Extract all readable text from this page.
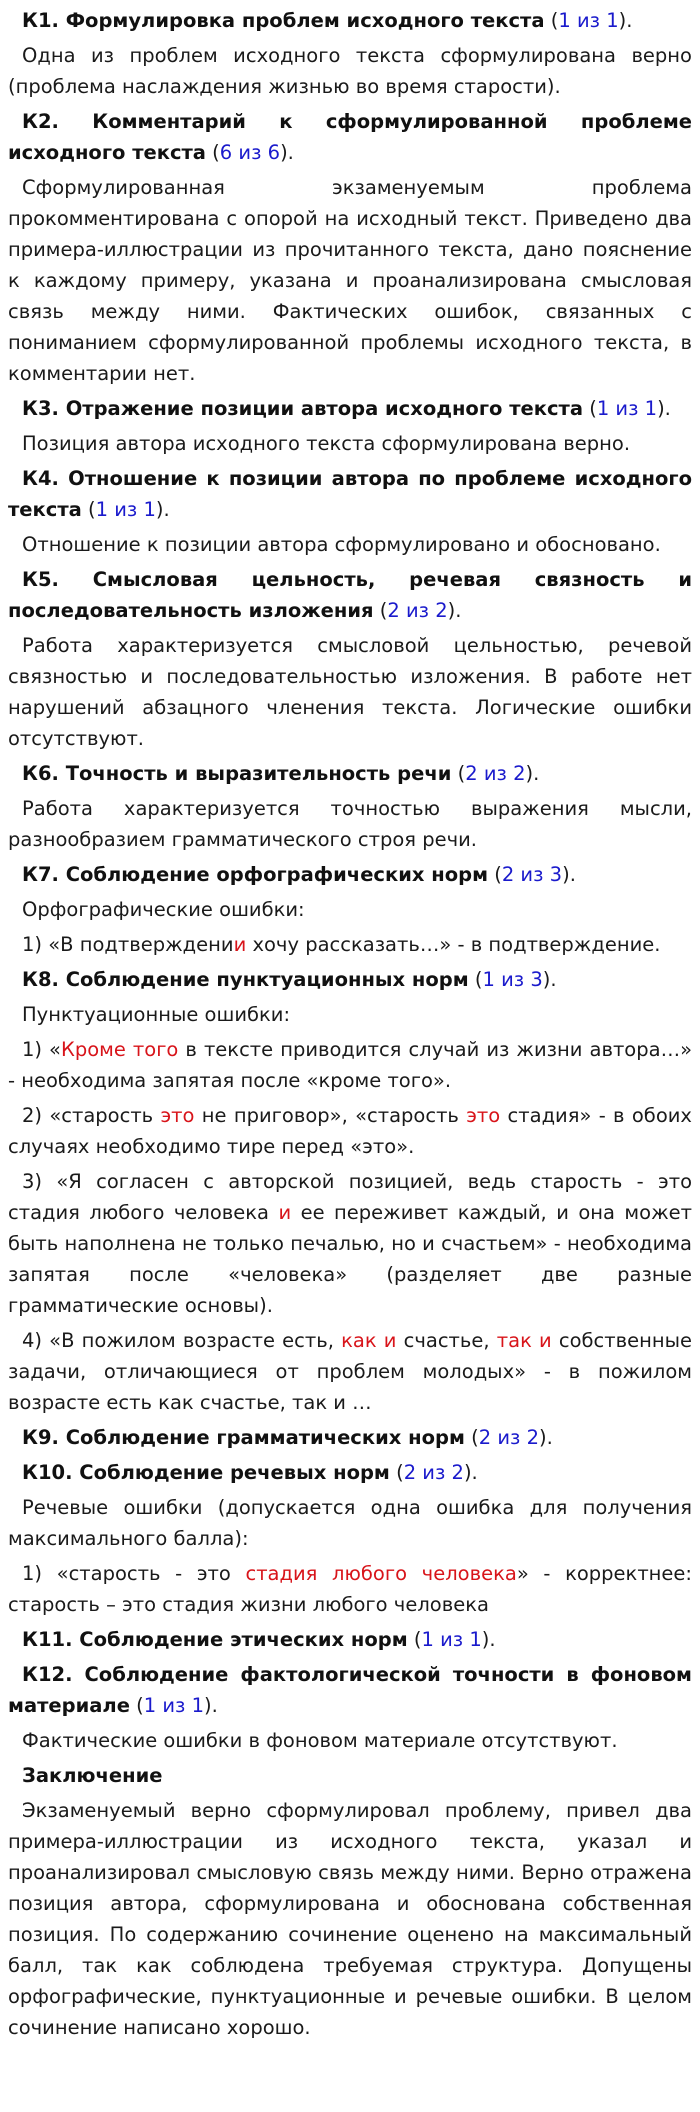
К1. Формулировка проблем исходного текста (1 из 1).
Одна из проблем исходного текста сформулирована верно (проблема наслаждения жизнью во время старости).
К2. Комментарий к сформулированной проблеме исходного текста (6 из 6).
Сформулированная экзаменуемым проблема прокомментирована с опорой на исходный текст. Приведено два примера-иллюстрации из прочитанного текста, дано пояснение к каждому примеру, указана и проанализирована смысловая связь между ними. Фактических ошибок, связанных с пониманием сформулированной проблемы исходного текста, в комментарии нет.
К3. Отражение позиции автора исходного текста (1 из 1).
Позиция автора исходного текста сформулирована верно.
К4. Отношение к позиции автора по проблеме исходного текста (1 из 1).
Отношение к позиции автора сформулировано и обосновано.
К5. Смысловая цельность, речевая связность и последовательность изложения (2 из 2).
Работа характеризуется смысловой цельностью, речевой связностью и последовательностью изложения. В работе нет нарушений абзацного членения текста. Логические ошибки отсутствуют.
К6. Точность и выразительность речи (2 из 2).
Работа характеризуется точностью выражения мысли, разнообразием грамматического строя речи.
К7. Соблюдение орфографических норм (2 из 3).
Орфографические ошибки:
1) «В подтверждении хочу рассказать…» - в подтверждение.
К8. Соблюдение пунктуационных норм (1 из 3).
Пунктуационные ошибки:
1) «Кроме того в тексте приводится случай из жизни автора…» - необходима запятая после «кроме того».
2) «старость это не приговор», «старость это стадия» - в обоих случаях необходимо тире перед «это».
3) «Я согласен с авторской позицией, ведь старость - это стадия любого человека и ее переживет каждый, и она может быть наполнена не только печалью, но и счастьем» - необходима запятая после «человека» (разделяет две разные грамматические основы).
4) «В пожилом возрасте есть, как и счастье, так и собственные задачи, отличающиеся от проблем молодых» - в пожилом возрасте есть как счастье, так и …
К9. Соблюдение грамматических норм (2 из 2).
К10. Соблюдение речевых норм (2 из 2).
Речевые ошибки (допускается одна ошибка для получения максимального балла):
1) «старость - это стадия любого человека» - корректнее: старость – это стадия жизни любого человека
К11. Соблюдение этических норм (1 из 1).
К12. Соблюдение фактологической точности в фоновом материале (1 из 1).
Фактические ошибки в фоновом материале отсутствуют.
Заключение
Экзаменуемый верно сформулировал проблему, привел два примера-иллюстрации из исходного текста, указал и проанализировал смысловую связь между ними. Верно отражена позиция автора, сформулирована и обоснована собственная позиция. По содержанию сочинение оценено на максимальный балл, так как соблюдена требуемая структура. Допущены орфографические, пунктуационные и речевые ошибки. В целом сочинение написано хорошо.
